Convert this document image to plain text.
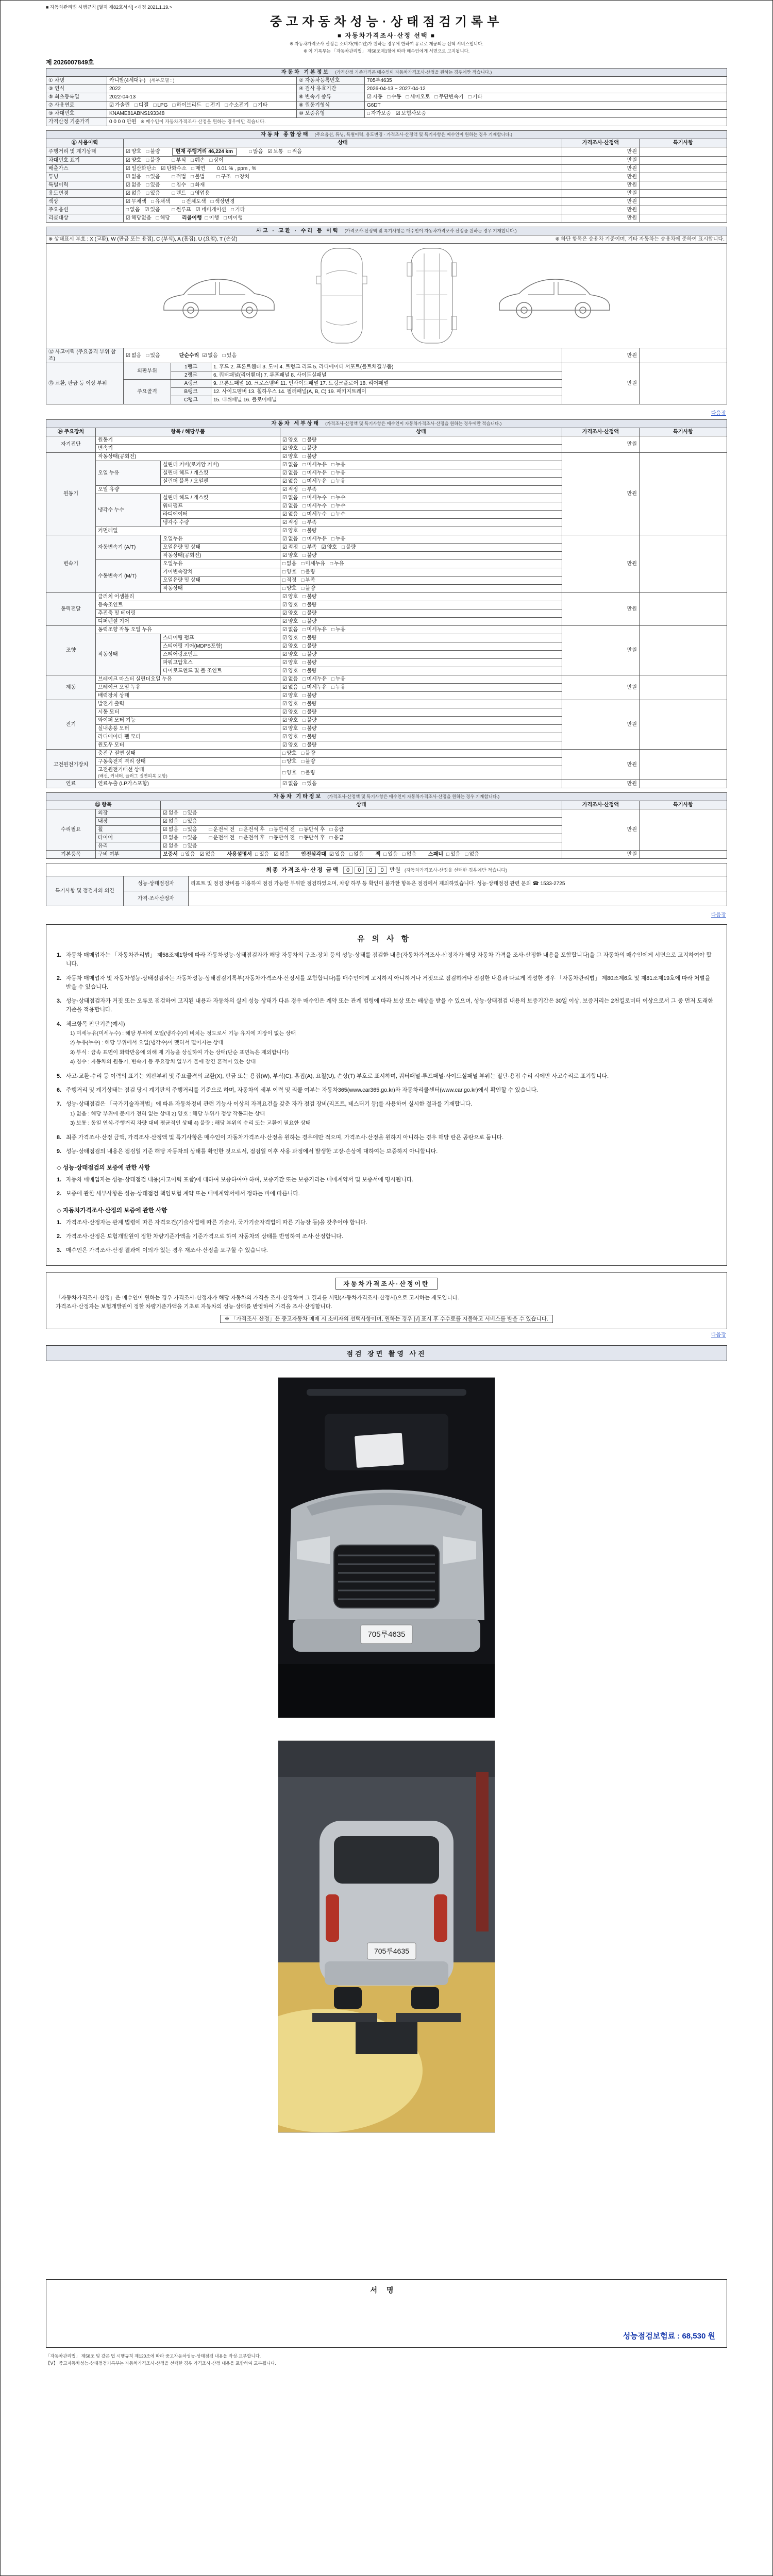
■ 자동차관리법 시행규칙 [별지 제82호서식] <개정 2021.1.19.>
중고자동차성능·상태점검기록부
■ 자동차가격조사·산정 선택 ■
※ 자동차가격조사·산정은 소비자(매수인)가 원하는 경우에 한하여 유료로 제공되는 선택 서비스입니다.
※ 이 기록부는 「자동차관리법」 제58조제1항에 따라 매수인에게 서면으로 고지됩니다.
제 2026007849호
자동차 기본정보 (가격산정 기준가격은 매수인이 자동차가격조사·산정을 원하는 경우에만 적습니다.)			
① 차명	카니발(4세대뉴) (세부모델 : )	② 자동차등록번호	705루4635
③ 연식	2022	④ 검사 유효기간	2026-04-13 ~ 2027-04-12
⑤ 최초등록일	2022-04-13	⑥ 변속기 종류	☑ 자동 □ 수동 □ 세미오토 □ 무단변속기 □ 기타
⑦ 사용연료	☑ 가솔린 □ 디젤 □ LPG □ 하이브리드 □ 전기 □ 수소전기 □ 기타	⑧ 원동기형식	G6DT
⑨ 차대번호	KNAME81ABNS193348	⑩ 보증유형	□ 자가보증 ☑ 보험사보증
가격산정 기준가격	0 0 0 0 만원 ※ 매수인이 자동차가격조사·산정을 원하는 경우에만 적습니다.		
자동차 종합상태 (주요옵션, 튜닝, 특별이력, 용도변경 · 가격조사·산정액 및 특기사항은 매수인이 원하는 경우 기재합니다.)			
⑪ 사용이력	상태	가격조사·산정액	특기사항
주행거리 및 계기상태	☑ 양호 □ 불량 현재 주행거리 46,224 km □ 많음 ☑ 보통 □ 적음	만원	
차대번호 표기	☑ 양호 □ 불량 □ 부식 □ 훼손 □ 상이	만원	
배출가스	☑ 일산화탄소 ☑ 탄화수소 □ 매연 0.01 % , ppm , %	만원	
튜닝	☑ 없음 □ 있음 □ 적법 □ 불법 □ 구조 □ 장치	만원	
특별이력	☑ 없음 □ 있음 □ 침수 □ 화재	만원	
용도변경	☑ 없음 □ 있음 □ 렌트 □ 영업용	만원	
색상	☑ 무채색 □ 유채색 □ 전체도색 □ 색상변경	만원	
주요옵션	□ 없음 ☑ 있음 □ 썬루프 ☑ 네비게이션 □ 기타	만원	
리콜대상	☑ 해당없음 □ 해당 리콜이행 □ 이행 □ 미이행	만원	
사고 · 교환 · 수리 등 이력 (가격조사·산정액 및 특기사항은 매수인이 자동차가격조사·산정을 원하는 경우 기재합니다.)					
※ 상태표시 부호 : X (교환), W (판금 또는 용접), C (부식), A (흠집), U (요철), T (손상) ※ 하단 항목은 승용차 기준이며, 기타 자동차는 승용차에 준하여 표시합니다.					

⑫ 사고이력 (주요골격 부위 참조)	☑ 없음 □ 있음 단순수리 ☑ 없음 □ 있음			만원	
⑬ 교환, 판금 등 이상 부위	외판부위	1랭크	1. 후드 2. 프론트휀더 3. 도어 4. 트렁크 리드 5. 라디에이터 서포트(볼트체결부품)	만원	
		2랭크	6. 쿼터패널(리어휀더) 7. 루프패널 8. 사이드실패널		
	주요골격	A랭크	9. 프론트패널 10. 크로스멤버 11. 인사이드패널 17. 트렁크플로어 18. 리어패널		
		B랭크	12. 사이드멤버 13. 휠하우스 14. 필러패널(A, B, C) 19. 패키지트레이		
		C랭크	15. 대쉬패널 16. 플로어패널		
다음장
자동차 세부상태 (가격조사·산정액 및 특기사항은 매수인이 자동차가격조사·산정을 원하는 경우에만 적습니다.)					
⑭ 주요장치	항목 / 해당부품		상태	가격조사·산정액	특기사항
자기진단	원동기		☑ 양호 □ 불량	만원	
	변속기		☑ 양호 □ 불량		
원동기	작동상태(공회전)		☑ 양호 □ 불량	만원	
	오일 누유	실린더 커버(로커암 커버)	☑ 없음 □ 미세누유 □ 누유		
		실린더 헤드 / 개스킷	☑ 없음 □ 미세누유 □ 누유		
		실린더 블록 / 오일팬	☑ 없음 □ 미세누유 □ 누유		
	오일 유량		☑ 적정 □ 부족		
	냉각수 누수	실린더 헤드 / 개스킷	☑ 없음 □ 미세누수 □ 누수		
		워터펌프	☑ 없음 □ 미세누수 □ 누수		
		라디에이터	☑ 없음 □ 미세누수 □ 누수		
		냉각수 수량	☑ 적정 □ 부족		
	커먼레일		☑ 양호 □ 불량		
변속기	자동변속기 (A/T)	오일누유	☑ 없음 □ 미세누유 □ 누유	만원	
		오일유량 및 상태	☑ 적정 □ 부족 ☑ 양호 □ 불량		
		작동상태(공회전)	☑ 양호 □ 불량		
	수동변속기 (M/T)	오일누유	□ 없음 □ 미세누유 □ 누유		
		기어변속장치	□ 양호 □ 불량		
		오일유량 및 상태	□ 적정 □ 부족		
		작동상태	□ 양호 □ 불량		
동력전달	클러치 어셈블리		☑ 양호 □ 불량	만원	
	등속조인트		☑ 양호 □ 불량		
	추진축 및 베어링		☑ 양호 □ 불량		
	디퍼렌셜 기어		☑ 양호 □ 불량		
조향	동력조향 작동 오일 누유		☑ 없음 □ 미세누유 □ 누유	만원	
	작동상태	스티어링 펌프	☑ 양호 □ 불량		
		스티어링 기어(MDPS포함)	☑ 양호 □ 불량		
		스티어링조인트	☑ 양호 □ 불량		
		파워고압호스	☑ 양호 □ 불량		
		타이로드엔드 및 볼 조인트	☑ 양호 □ 불량		
제동	브레이크 마스터 실린더오일 누유		☑ 없음 □ 미세누유 □ 누유	만원	
	브레이크 오일 누유		☑ 없음 □ 미세누유 □ 누유		
	배력장치 상태		☑ 양호 □ 불량		
전기	발전기 출력		☑ 양호 □ 불량	만원	
	시동 모터		☑ 양호 □ 불량		
	와이퍼 모터 기능		☑ 양호 □ 불량		
	실내송풍 모터		☑ 양호 □ 불량		
	라디에이터 팬 모터		☑ 양호 □ 불량		
	윈도우 모터		☑ 양호 □ 불량		
고전원전기장치	충전구 절연 상태		□ 양호 □ 불량	만원	
	구동축전지 격리 상태		□ 양호 □ 불량		
	고전원전기배선 상태
(배선, 커넥터, 플러그 절연피복 포함)		□ 양호 □ 불량		
연료	연료누출 (LP가스포함)		☑ 없음 □ 있음	만원	
자동차 기타정보 (가격조사·산정액 및 특기사항은 매수인이 자동차가격조사·산정을 원하는 경우 기재합니다.)				
⑮ 항목		상태	가격조사·산정액	특기사항
수리필요	외장	☑ 없음 □ 있음	만원	
	내장	☑ 없음 □ 있음		
	휠	☑ 없음 □ 있음 □ 운전석 전 □ 운전석 후 □ 동반석 전 □ 동반석 후 □ 응급		
	타이어	☑ 없음 □ 있음 □ 운전석 전 □ 운전석 후 □ 동반석 전 □ 동반석 후 □ 응급		
	유리	☑ 없음 □ 있음		
기본품목	구비 여부	보증서 □ 있음 ☑ 없음 사용설명서 □ 있음 ☑ 없음 안전삼각대 ☑ 있음 □ 없음 잭 □ 있음 □ 없음 스패너 □ 있음 □ 없음	만원	
최종 가격조사·산정 금액 0 0 0 0 만원 (자동차가격조사·산정을 선택한 경우에만 적습니다)
특기사항 및 점검자의 의견	성능·상태점검자	리프트 및 점검 장비를 이용하여 점검 가능한 부위만 점검하였으며, 차량 하부 등 확인이 불가한 항목은 점검에서 제외하였습니다. 성능·상태점검 관련 문의 ☎ 1533-2725
	가격·조사산정자	
다음장
유의사항
1. 자동차 매매업자는 「자동차관리법」 제58조제1항에 따라 자동차성능·상태점검자가 해당 자동차의 구조·장치 등의 성능·상태를 점검한 내용(자동차가격조사·산정자가 해당 자동차 가격을 조사·산정한 내용을 포함합니다)을 그 자동차의 매수인에게 서면으로 고지하여야 합니다.
2. 자동차 매매업자 및 자동차성능·상태점검자는 자동차성능·상태점검기록부(자동차가격조사·산정서를 포함합니다)를 매수인에게 고지하지 아니하거나 거짓으로 점검하거나 점검한 내용과 다르게 작성한 경우 「자동차관리법」 제80조제6호 및 제81조제19호에 따라 처벌을 받을 수 있습니다.
3. 성능·상태점검자가 거짓 또는 오류로 점검하여 고지된 내용과 자동차의 실제 성능·상태가 다른 경우 매수인은 계약 또는 관계 법령에 따라 보상 또는 배상을 받을 수 있으며, 성능·상태점검 내용의 보증기간은 30일 이상, 보증거리는 2천킬로미터 이상으로서 그 중 먼저 도래한 기준을 적용합니다.
4. 체크항목 판단기준(예시)
1) 미세누유(미세누수) : 해당 부위에 오일(냉각수)이 비치는 정도로서 기능 유지에 지장이 없는 상태
2) 누유(누수) : 해당 부위에서 오일(냉각수)이 맺혀서 떨어지는 상태
3) 부식 : 금속 표면이 화학반응에 의해 제 기능을 상실하여 가는 상태(단순 표면녹은 제외합니다)
4) 침수 : 자동차의 원동기, 변속기 등 주요장치 일부가 물에 잠긴 흔적이 있는 상태
5. 사고·교환·수리 등 이력의 표기는 외판부위 및 주요골격의 교환(X), 판금 또는 용접(W), 부식(C), 흠집(A), 요철(U), 손상(T) 부호로 표시하며, 쿼터패널·루프패널·사이드실패널 부위는 절단·용접 수리 시에만 사고수리로 표기합니다.
6. 주행거리 및 계기상태는 점검 당시 계기판의 주행거리를 기준으로 하며, 자동차의 세부 이력 및 리콜 여부는 자동차365(www.car365.go.kr)와 자동차리콜센터(www.car.go.kr)에서 확인할 수 있습니다.
7. 성능·상태점검은 「국가기술자격법」에 따른 자동차정비 관련 기능사 이상의 자격요건을 갖춘 자가 점검 장비(리프트, 테스터기 등)를 사용하여 실시한 결과를 기재합니다.
1) 없음 : 해당 부위에 문제가 전혀 없는 상태 2) 양호 : 해당 부위가 정상 작동되는 상태
3) 보통 : 동일 연식·주행거리 차량 대비 평균적인 상태 4) 불량 : 해당 부위의 수리 또는 교환이 필요한 상태
8. 최종 가격조사·산정 금액, 가격조사·산정액 및 특기사항은 매수인이 자동차가격조사·산정을 원하는 경우에만 적으며, 가격조사·산정을 원하지 아니하는 경우 해당 란은 공란으로 둡니다.
9. 성능·상태점검의 내용은 점검일 기준 해당 자동차의 상태를 확인한 것으로서, 점검일 이후 사용 과정에서 발생한 고장·손상에 대하여는 보증하지 아니합니다.
◇ 성능·상태점검의 보증에 관한 사항
1. 자동차 매매업자는 성능·상태점검 내용(사고이력 포함)에 대하여 보증하여야 하며, 보증기간 또는 보증거리는 매매계약서 및 보증서에 명시됩니다.
2. 보증에 관한 세부사항은 성능·상태점검 책임보험 계약 또는 매매계약서에서 정하는 바에 따릅니다.
◇ 자동차가격조사·산정의 보증에 관한 사항
1. 가격조사·산정자는 관계 법령에 따른 자격요건(기술사법에 따른 기술사, 국가기술자격법에 따른 기능장 등)을 갖추어야 합니다.
2. 가격조사·산정은 보험개발원이 정한 차량기준가액을 기준가격으로 하여 자동차의 상태를 반영하여 조사·산정합니다.
3. 매수인은 가격조사·산정 결과에 이의가 있는 경우 재조사·산정을 요구할 수 있습니다.
자동차가격조사·산정이란
「자동차가격조사·산정」은 매수인이 원하는 경우 가격조사·산정자가 해당 자동차의 가격을 조사·산정하여 그 결과를 서면(자동차가격조사·산정서)으로 고지하는 제도입니다.
가격조사·산정자는 보험개발원이 정한 차량기준가액을 기초로 자동차의 성능·상태를 반영하여 가격을 조사·산정합니다.
※ 「가격조사·산정」은 중고자동차 매매 시 소비자의 선택사항이며, 원하는 경우 [√] 표시 후 수수료를 지불하고 서비스를 받을 수 있습니다.
다음장
점검 장면 촬영 사진
705루4635
705루4635
서명
성능점검보험료 : 68,530 원
「자동차관리법」 제58조 및 같은 법 시행규칙 제120조에 따라 중고자동차성능·상태점검 내용을 작성·교부합니다.
【Ⅴ】 중고자동차성능·상태점검기록부는 자동차가격조사·산정을 선택한 경우 가격조사·산정 내용을 포함하여 교부됩니다.
